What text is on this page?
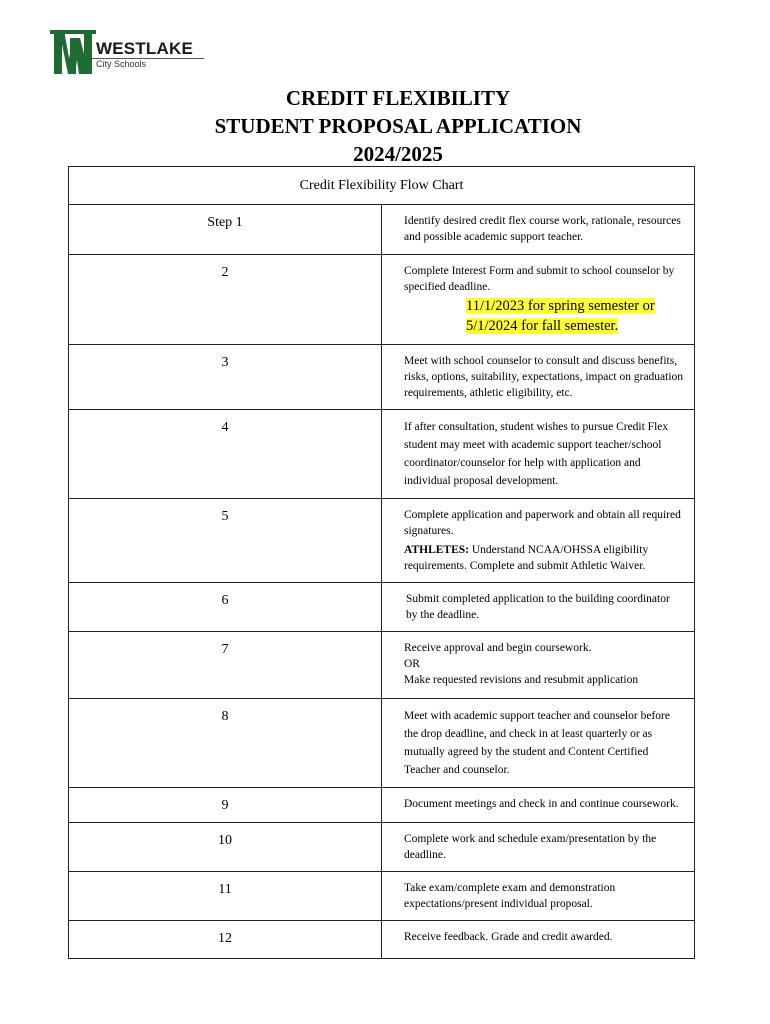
WESTLAKE
City Schools
CREDIT FLEXIBILITY
STUDENT PROPOSAL APPLICATION
2024/2025
Credit Flexibility Flow Chart	
Step 1	Identify desired credit flex course work, rationale, resources and possible academic support teacher.
2	Complete Interest Form and submit to school counselor by specified deadline.
11/1/2023 for spring semester or 5/1/2024 for fall semester.

3	Meet with school counselor to consult and discuss benefits, risks, options, suitability, expectations, impact on graduation requirements, athletic eligibility, etc.
4	If after consultation, student wishes to pursue Credit Flex student may meet with academic support teacher/school coordinator/counselor for help with application and individual proposal development.
5	Complete application and paperwork and obtain all required signatures.
ATHLETES: Understand NCAA/OHSSA eligibility requirements. Complete and submit Athletic Waiver.

6	Submit completed application to the building coordinator by the deadline.
7	Receive approval and begin coursework.
OR
Make requested revisions and resubmit application

8	Meet with academic support teacher and counselor before the drop deadline, and check in at least quarterly or as mutually agreed by the student and Content Certified Teacher and counselor.
9	Document meetings and check in and continue coursework.
10	Complete work and schedule exam/presentation by the deadline.
11	Take exam/complete exam and demonstration expectations/present individual proposal.
12	Receive feedback. Grade and credit awarded.
